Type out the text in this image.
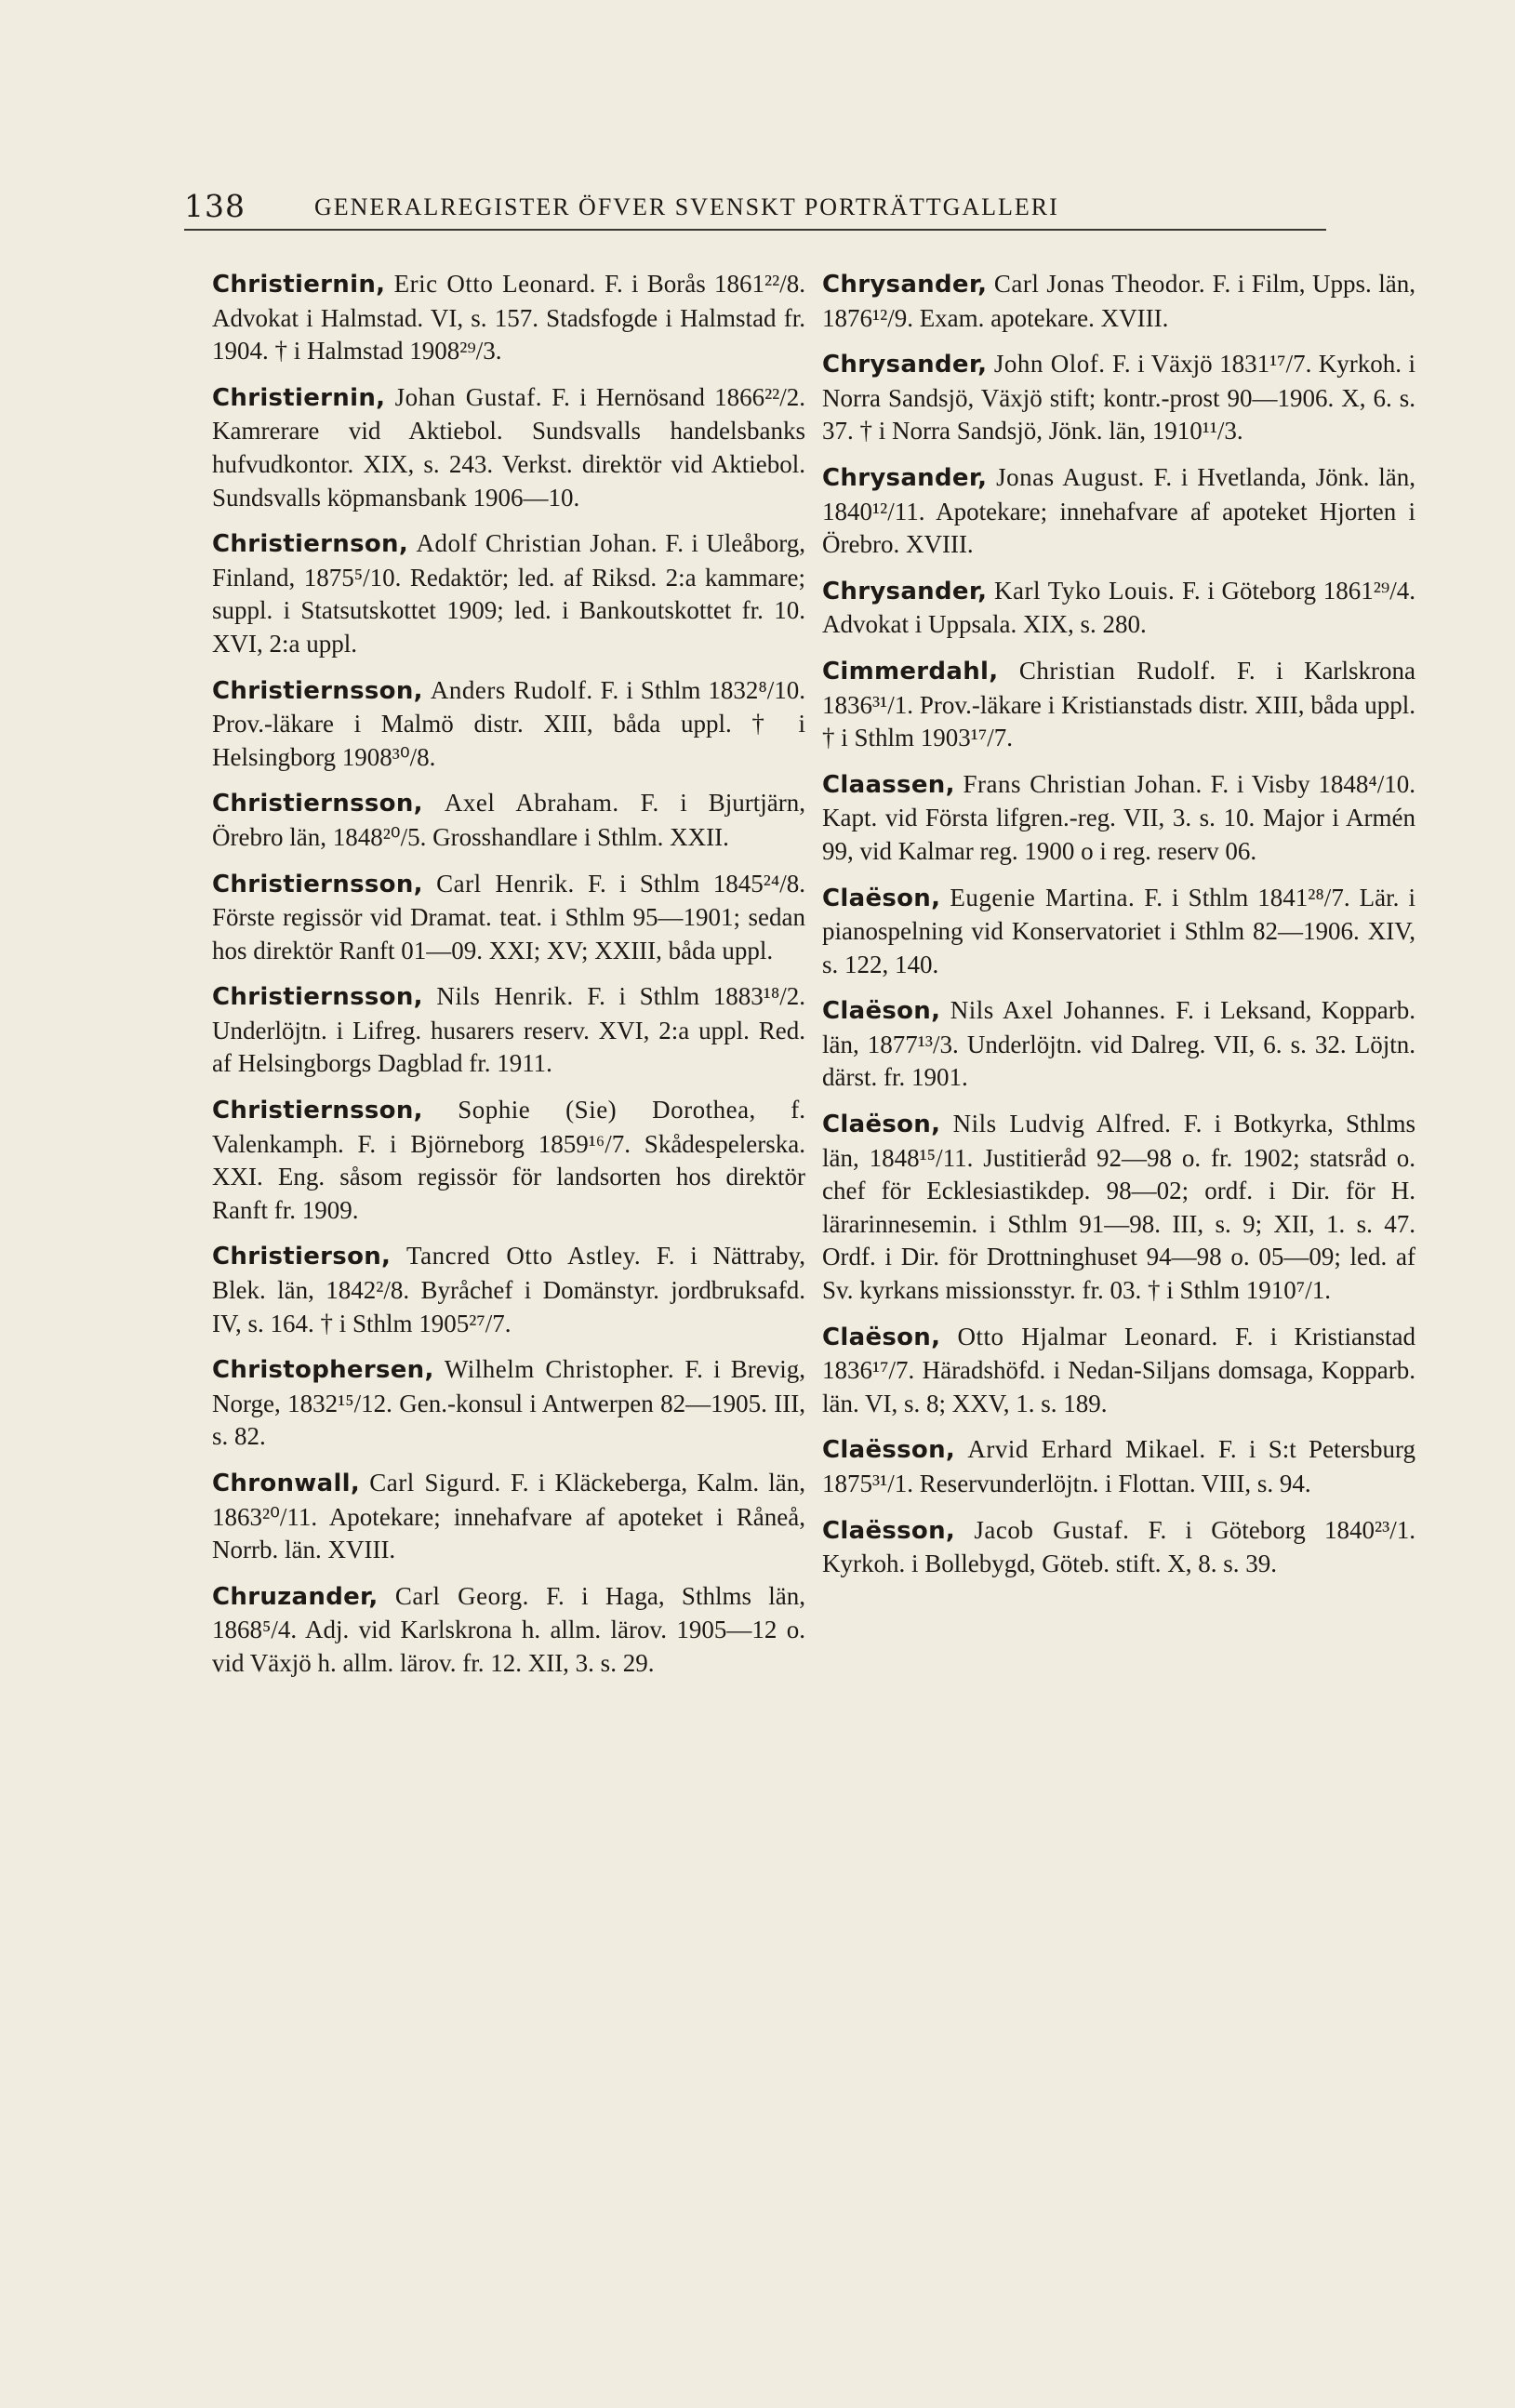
138	GENERALREGISTER ÖFVER SVENSKT PORTRÄTTGALLERI

Christiernin, Eric Otto Leonard. F. i Borås 1861²²/8. Advokat i Halmstad. VI, s. 157. Stadsfogde i Halmstad fr. 1904. † i Halmstad 1908²⁹/3.

Christiernin, Johan Gustaf. F. i Hernösand 1866²²/2. Kamrerare vid Aktiebol. Sundsvalls handelsbanks hufvudkontor. XIX, s. 243. Verkst. direktör vid Aktiebol. Sundsvalls köpmansbank 1906—10.

Christiernson, Adolf Christian Johan. F. i Uleåborg, Finland, 1875⁵/10. Redaktör; led. af Riksd. 2:a kammare; suppl. i Statsutskottet 1909; led. i Bankoutskottet fr. 10. XVI, 2:a uppl.

Christiernsson, Anders Rudolf. F. i Sthlm 1832⁸/10. Prov.-läkare i Malmö distr. XIII, båda uppl. † i Helsingborg 1908³⁰/8.

Christiernsson, Axel Abraham. F. i Bjurtjärn, Örebro län, 1848²⁰/5. Grosshandlare i Sthlm. XXII.

Christiernsson, Carl Henrik. F. i Sthlm 1845²⁴/8. Förste regissör vid Dramat. teat. i Sthlm 95—1901; sedan hos direktör Ranft 01—09. XXI; XV; XXIII, båda uppl.

Christiernsson, Nils Henrik. F. i Sthlm 1883¹⁸/2. Underlöjtn. i Lifreg. husarers reserv. XVI, 2:a uppl. Red. af Helsingborgs Dagblad fr. 1911.

Christiernsson, Sophie (Sie) Dorothea, f. Valenkamph. F. i Björneborg 1859¹⁶/7. Skådespelerska. XXI. Eng. såsom regissör för landsorten hos direktör Ranft fr. 1909.

Christierson, Tancred Otto Astley. F. i Nättraby, Blek. län, 1842²/8. Byråchef i Domänstyr. jordbruksafd. IV, s. 164. † i Sthlm 1905²⁷/7.

Christophersen, Wilhelm Christopher. F. i Brevig, Norge, 1832¹⁵/12. Gen.-konsul i Antwerpen 82—1905. III, s. 82.

Chronwall, Carl Sigurd. F. i Kläckeberga, Kalm. län, 1863²⁰/11. Apotekare; innehafvare af apoteket i Råneå, Norrb. län. XVIII.

Chruzander, Carl Georg. F. i Haga, Sthlms län, 1868⁵/4. Adj. vid Karlskrona h. allm. lärov. 1905—12 o. vid Växjö h. allm. lärov. fr. 12. XII, 3. s. 29.

Chrysander, Carl Jonas Theodor. F. i Film, Upps. län, 1876¹²/9. Exam. apotekare. XVIII.

Chrysander, John Olof. F. i Växjö 1831¹⁷/7. Kyrkoh. i Norra Sandsjö, Växjö stift; kontr.-prost 90—1906. X, 6. s. 37. † i Norra Sandsjö, Jönk. län, 1910¹¹/3.

Chrysander, Jonas August. F. i Hvetlanda, Jönk. län, 1840¹²/11. Apotekare; innehafvare af apoteket Hjorten i Örebro. XVIII.

Chrysander, Karl Tyko Louis. F. i Göteborg 1861²⁹/4. Advokat i Uppsala. XIX, s. 280.

Cimmerdahl, Christian Rudolf. F. i Karlskrona 1836³¹/1. Prov.-läkare i Kristianstads distr. XIII, båda uppl. † i Sthlm 1903¹⁷/7.

Claassen, Frans Christian Johan. F. i Visby 1848⁴/10. Kapt. vid Första lifgren.-reg. VII, 3. s. 10. Major i Armén 99, vid Kalmar reg. 1900 o i reg. reserv 06.

Claëson, Eugenie Martina. F. i Sthlm 1841²⁸/7. Lär. i pianospelning vid Konservatoriet i Sthlm 82—1906. XIV, s. 122, 140.

Claëson, Nils Axel Johannes. F. i Leksand, Kopparb. län, 1877¹³/3. Underlöjtn. vid Dalreg. VII, 6. s. 32. Löjtn. därst. fr. 1901.

Claëson, Nils Ludvig Alfred. F. i Botkyrka, Sthlms län, 1848¹⁵/11. Justitieråd 92—98 o. fr. 1902; statsråd o. chef för Ecklesiastikdep. 98—02; ordf. i Dir. för H. lärarinnesemin. i Sthlm 91—98. III, s. 9; XII, 1. s. 47. Ordf. i Dir. för Drottninghuset 94—98 o. 05—09; led. af Sv. kyrkans missionsstyr. fr. 03. † i Sthlm 1910⁷/1.

Claëson, Otto Hjalmar Leonard. F. i Kristianstad 1836¹⁷/7. Häradshöfd. i Nedan-Siljans domsaga, Kopparb. län. VI, s. 8; XXV, 1. s. 189.

Claësson, Arvid Erhard Mikael. F. i S:t Petersburg 1875³¹/1. Reservunderlöjtn. i Flottan. VIII, s. 94.

Claësson, Jacob Gustaf. F. i Göteborg 1840²³/1. Kyrkoh. i Bollebygd, Göteb. stift. X, 8. s. 39.
